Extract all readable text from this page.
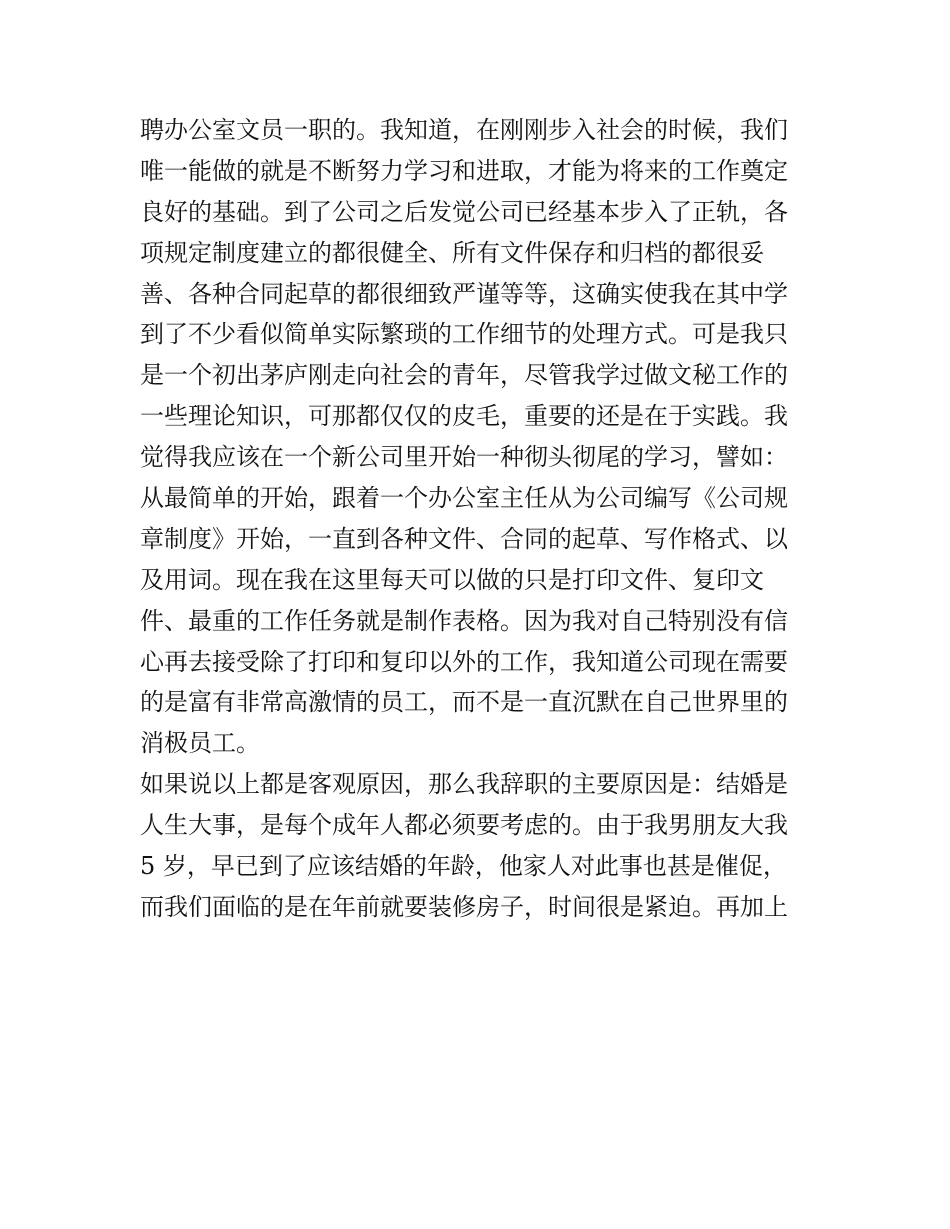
聘办公室文员一职的。我知道，在刚刚步入社会的时候，我们
唯一能做的就是不断努力学习和进取，才能为将来的工作奠定
良好的基础。到了公司之后发觉公司已经基本步入了正轨，各
项规定制度建立的都很健全、所有文件保存和归档的都很妥
善、各种合同起草的都很细致严谨等等，这确实使我在其中学
到了不少看似简单实际繁琐的工作细节的处理方式。可是我只
是一个初出茅庐刚走向社会的青年，尽管我学过做文秘工作的
一些理论知识，可那都仅仅的皮毛，重要的还是在于实践。我
觉得我应该在一个新公司里开始一种彻头彻尾的学习，譬如：
从最简单的开始，跟着一个办公室主任从为公司编写《公司规
章制度》开始，一直到各种文件、合同的起草、写作格式、以
及用词。现在我在这里每天可以做的只是打印文件、复印文
件、最重的工作任务就是制作表格。因为我对自己特别没有信
心再去接受除了打印和复印以外的工作，我知道公司现在需要
的是富有非常高激情的员工，而不是一直沉默在自己世界里的
消极员工。
如果说以上都是客观原因，那么我辞职的主要原因是：结婚是
人生大事，是每个成年人都必须要考虑的。由于我男朋友大我
5 岁，早已到了应该结婚的年龄，他家人对此事也甚是催促，
而我们面临的是在年前就要装修房子，时间很是紧迫。再加上
